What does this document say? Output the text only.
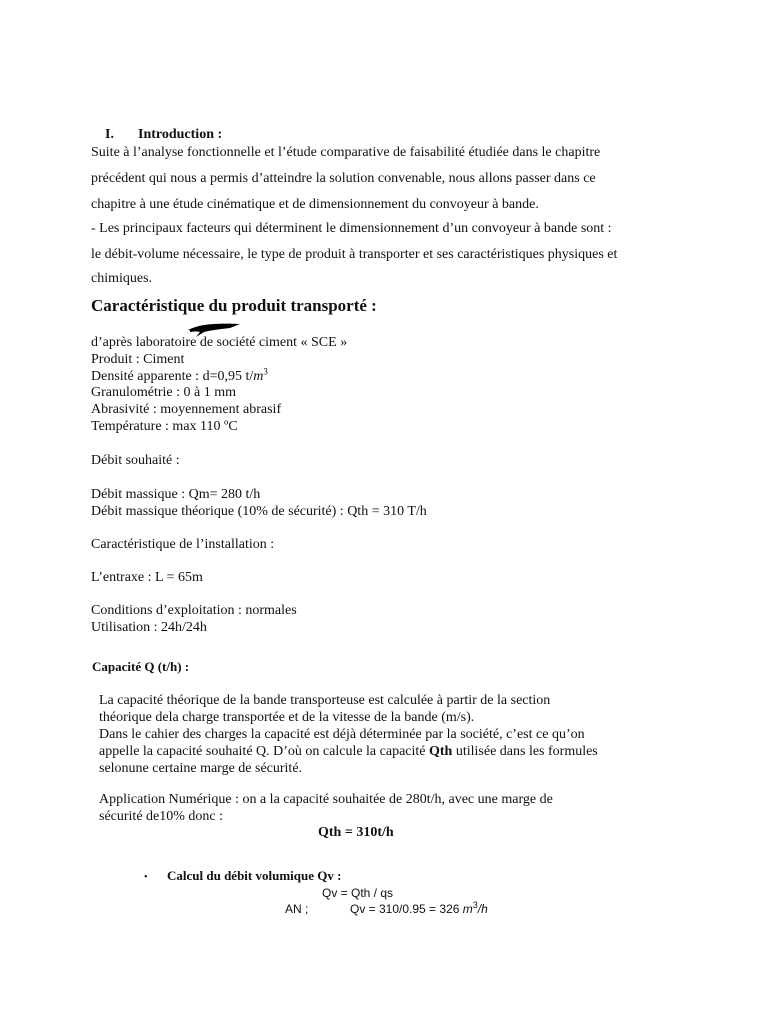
I. Introduction :
Suite à l’analyse fonctionnelle et l’étude comparative de faisabilité étudiée dans le chapitre
précédent qui nous a permis d’atteindre la solution convenable, nous allons passer dans ce
chapitre à une étude cinématique et de dimensionnement du convoyeur à bande.
- Les principaux facteurs qui déterminent le dimensionnement d’un convoyeur à bande sont :
le débit-volume nécessaire, le type de produit à transporter et ses caractéristiques physiques et
chimiques.
Caractéristique du produit transporté :
d’après laboratoire de société ciment « SCE »
Produit : Ciment
Densité apparente : d=0,95 $t/m^3$
Granulométrie : 0 à 1 mm
Abrasivité : moyennement abrasif
Température : max 110 ºC
Débit souhaité :
Débit massique : Qm= 280 t/h
Débit massique théorique (10% de sécurité) : Qth = 310 T/h
Caractéristique de l’installation :
L’entraxe : L = 65m
Conditions d’exploitation : normales
Utilisation : 24h/24h
Capacité Q (t/h) :
La capacité théorique de la bande transporteuse est calculée à partir de la section
théorique dela charge transportée et de la vitesse de la bande (m/s).
Dans le cahier des charges la capacité est déjà déterminée par la société, c’est ce qu’on
appelle la capacité souhaité Q. D’où on calcule la capacité Qth utilisée dans les formules
selonune certaine marge de sécurité.
Application Numérique : on a la capacité souhaitée de 280t/h, avec une marge de
sécurité de10% donc :
Qth = 310t/h
• Calcul du débit volumique Qv :
Qv = Qth / qs
AN ;	Qv = 310/0.95 = 326 $m^3/h$
